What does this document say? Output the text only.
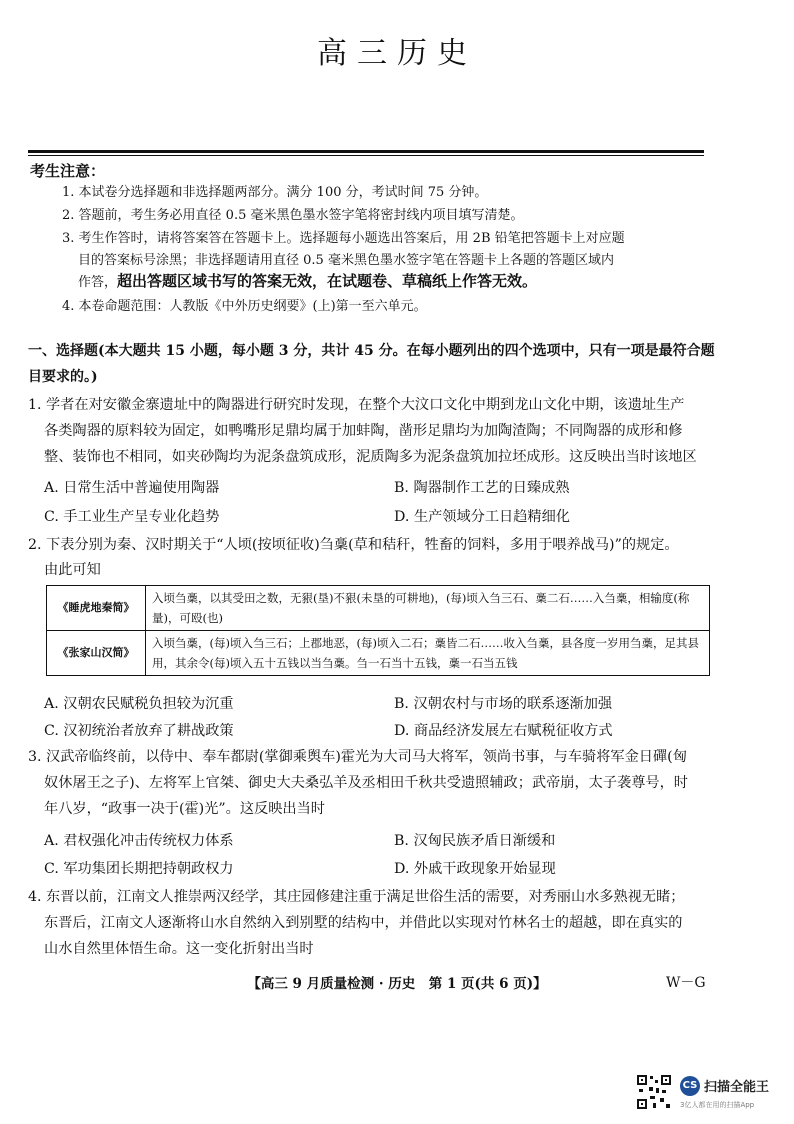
高三历史
考生注意：
1. 本试卷分选择题和非选择题两部分。满分 100 分，考试时间 75 分钟。
2. 答题前，考生务必用直径 0.5 毫米黑色墨水签字笔将密封线内项目填写清楚。
3. 考生作答时，请将答案答在答题卡上。选择题每小题选出答案后，用 2B 铅笔把答题卡上对应题
目的答案标号涂黑；非选择题请用直径 0.5 毫米黑色墨水签字笔在答题卡上各题的答题区域内
作答，超出答题区域书写的答案无效，在试题卷、草稿纸上作答无效。
4. 本卷命题范围：人教版《中外历史纲要》(上)第一至六单元。
一、选择题(本大题共 15 小题，每小题 3 分，共计 45 分。在每小题列出的四个选项中，只有一项是最符合题目要求的。)
1. 学者在对安徽金寨遗址中的陶器进行研究时发现，在整个大汶口文化中期到龙山文化中期，该遗址生产
各类陶器的原料较为固定，如鸭嘴形足鼎均属于加蚌陶，凿形足鼎均为加陶渣陶；不同陶器的成形和修
整、装饰也不相同，如夹砂陶均为泥条盘筑成形，泥质陶多为泥条盘筑加拉坯成形。这反映出当时该地区
A. 日常生活中普遍使用陶器	B. 陶器制作工艺的日臻成熟
C. 手工业生产呈专业化趋势	D. 生产领域分工日趋精细化
2. 下表分别为秦、汉时期关于“人顷(按顷征收)刍稾(草和秸秆，牲畜的饲料，多用于喂养战马)”的规定。
由此可知
《睡虎地秦简》	入顷刍稾，以其受田之数，无豤(垦)不豤(未垦的可耕地)，(每)顷入刍三石、稾二石……入刍稾，相输度(称量)，可殴(也)
《张家山汉简》	入顷刍稾，(每)顷入刍三石；上郡地恶，(每)顷入二石；稾皆二石……收入刍稾，县各度一岁用刍稾，足其县用，其余令(每)顷入五十五钱以当刍稾。刍一石当十五钱，稾一石当五钱
A. 汉朝农民赋税负担较为沉重	B. 汉朝农村与市场的联系逐渐加强
C. 汉初统治者放弃了耕战政策	D. 商品经济发展左右赋税征收方式
3. 汉武帝临终前，以侍中、奉车都尉(掌御乘舆车)霍光为大司马大将军，领尚书事，与车骑将军金日磾(匈
奴休屠王之子)、左将军上官桀、御史大夫桑弘羊及丞相田千秋共受遗照辅政；武帝崩，太子袭尊号，时
年八岁，“政事一决于(霍)光”。这反映出当时
A. 君权强化冲击传统权力体系	B. 汉匈民族矛盾日渐缓和
C. 军功集团长期把持朝政权力	D. 外戚干政现象开始显现
4. 东晋以前，江南文人推崇两汉经学，其庄园修建注重于满足世俗生活的需要，对秀丽山水多熟视无睹；
东晋后，江南文人逐渐将山水自然纳入到别墅的结构中，并借此以实现对竹林名士的超越，即在真实的
山水自然里体悟生命。这一变化折射出当时
【高三 9 月质量检测 · 历史　第 1 页(共 6 页)】	W－G
CS 扫描全能王
3亿人都在用的扫描App
